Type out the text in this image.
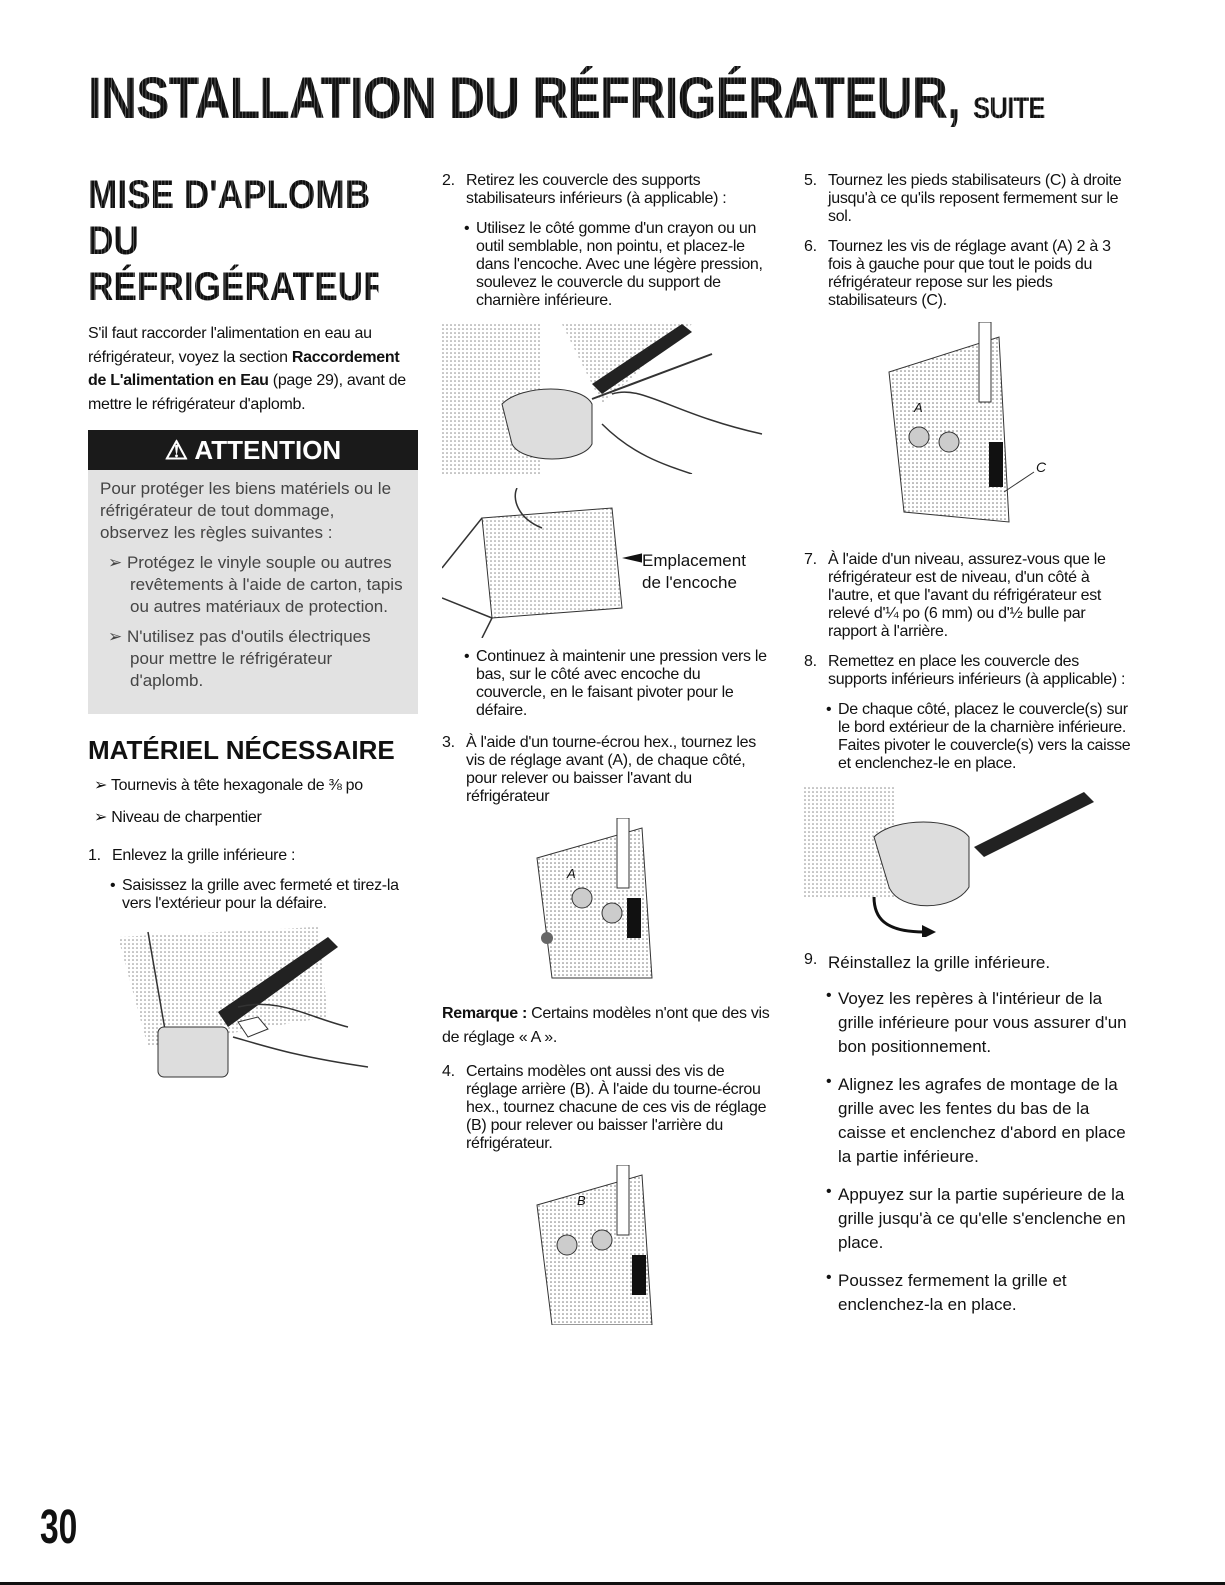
INSTALLATION DU RÉFRIGÉRATEUR, SUITE
MISE D'APLOMB DU
RÉFRIGÉRATEUR

S'il faut raccorder l'alimentation en eau au réfrigérateur, voyez la section Raccordement de L'alimentation en Eau (page 29), avant de mettre le réfrigérateur d'aplomb.

⚠ ATTENTION

Pour protéger les biens matériels ou le réfrigérateur de tout dommage, observez les règles suivantes :

➢ Protégez le vinyle souple ou autres revêtements à l'aide de carton, tapis ou autres matériaux de protection.

➢ N'utilisez pas d'outils électriques pour mettre le réfrigérateur d'aplomb.

MATÉRIEL NÉCESSAIRE

➢ Tournevis à tête hexagonale de ⅜ po

➢ Niveau de charpentier

1. Enlevez la grille inférieure :
• Saisissez la grille avec fermeté et tirez-la vers l'extérieur pour la défaire.
2. Retirez les couvercle des supports stabilisateurs inférieurs (à applicable) :
• Utilisez le côté gomme d'un crayon ou un outil semblable, non pointu, et placez-le dans l'encoche. Avec une légère pression, soulevez le couvercle du support de charnière inférieure.
Emplacement
de l'encoche
• Continuez à maintenir une pression vers le bas, sur le côté avec encoche du couvercle, en le faisant pivoter pour le défaire.
3. À l'aide d'un tourne-écrou hex., tournez les vis de réglage avant (A), de chaque côté, pour relever ou baisser l'avant du réfrigérateur
A

Remarque : Certains modèles n'ont que des vis de réglage « A ».

4. Certains modèles ont aussi des vis de réglage arrière (B). À l'aide du tourne-écrou hex., tournez chacune de ces vis de réglage (B) pour relever ou baisser l'arrière du réfrigérateur.
B
5. Tournez les pieds stabilisateurs (C) à droite jusqu'à ce qu'ils reposent fermement sur le sol.
6. Tournez les vis de réglage avant (A) 2 à 3 fois à gauche pour que tout le poids du réfrigérateur repose sur les pieds stabilisateurs (C).
A
C
7. À l'aide d'un niveau, assurez-vous que le réfrigérateur est de niveau, d'un côté à l'autre, et que l'avant du réfrigérateur est relevé d'¼ po (6 mm) ou d'½ bulle par rapport à l'arrière.
8. Remettez en place les couvercle des supports inférieurs inférieurs (à applicable) :
• De chaque côté, placez le couvercle(s) sur le bord extérieur de la charnière inférieure. Faites pivoter le couvercle(s) vers la caisse et enclenchez-le en place.
9. Réinstallez la grille inférieure.
• Voyez les repères à l'intérieur de la grille inférieure pour vous assurer d'un bon positionnement.
• Alignez les agrafes de montage de la grille avec les fentes du bas de la caisse et enclenchez d'abord en place la partie inférieure.
• Appuyez sur la partie supérieure de la grille jusqu'à ce qu'elle s'enclenche en place.
• Poussez fermement la grille et enclenchez-la en place.
30
